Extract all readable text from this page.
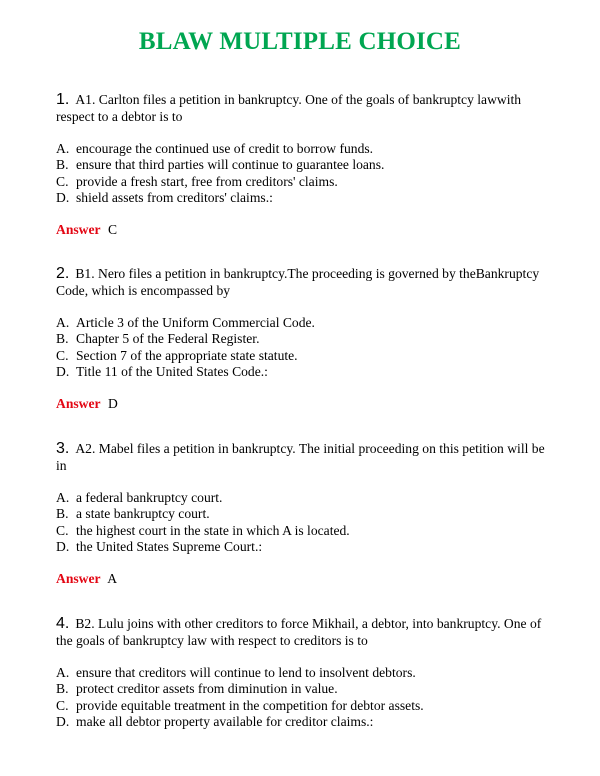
BLAW MULTIPLE CHOICE

1. A1. Carlton files a petition in bankruptcy. One of the goals of bankruptcy lawwith respect to a debtor is to

A. encourage the continued use of credit to borrow funds.
B. ensure that third parties will continue to guarantee loans.
C. provide a fresh start, free from creditors' claims.
D. shield assets from creditors' claims.:
Answer C

2. B1. Nero files a petition in bankruptcy.The proceeding is governed by theBankruptcy Code, which is encompassed by

A. Article 3 of the Uniform Commercial Code.
B. Chapter 5 of the Federal Register.
C. Section 7 of the appropriate state statute.
D. Title 11 of the United States Code.:
Answer D

3. A2. Mabel files a petition in bankruptcy. The initial proceeding on this petition will be in

A. a federal bankruptcy court.
B. a state bankruptcy court.
C. the highest court in the state in which A is located.
D. the United States Supreme Court.:
Answer A

4. B2. Lulu joins with other creditors to force Mikhail, a debtor, into bankruptcy. One of the goals of bankruptcy law with respect to creditors is to

A. ensure that creditors will continue to lend to insolvent debtors.
B. protect creditor assets from diminution in value.
C. provide equitable treatment in the competition for debtor assets.
D. make all debtor property available for creditor claims.:
